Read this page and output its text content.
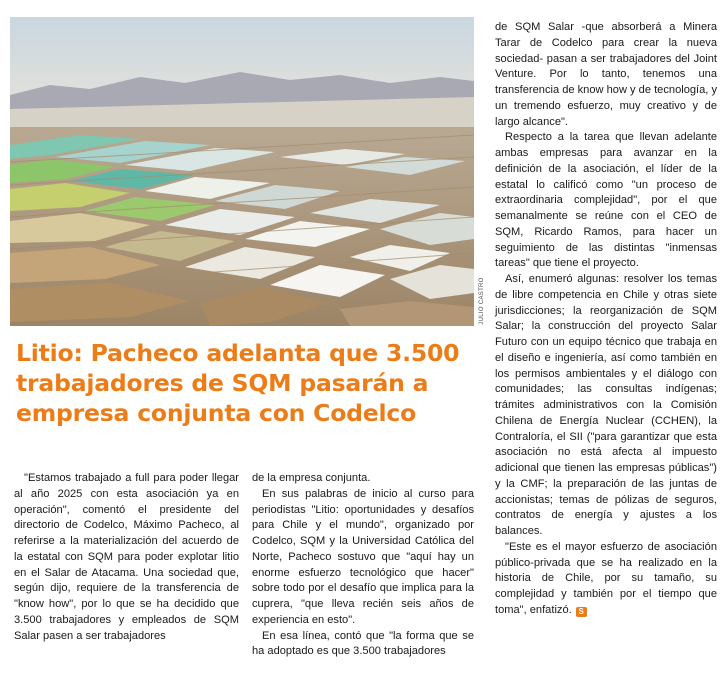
JULIO CASTRO
Litio: Pacheco adelanta que 3.500 trabajadores de SQM pasarán a empresa conjunta con Codelco

"Estamos trabajado a full para poder llegar al año 2025 con esta asociación ya en operación", comentó el presidente del directorio de Codelco, Máximo Pacheco, al referirse a la materialización del acuerdo de la estatal con SQM para poder explotar litio en el Salar de Atacama. Una sociedad que, según dijo, requiere de la transferencia de "know how", por lo que se ha decidido que 3.500 trabajadores y empleados de SQM Salar pasen a ser trabajadores

de la empresa conjunta.

En sus palabras de inicio al curso para periodistas "Litio: oportunidades y desafíos para Chile y el mundo", organizado por Codelco, SQM y la Universidad Católica del Norte, Pacheco sostuvo que "aquí hay un enorme esfuerzo tecnológico que hacer" sobre todo por el desafío que implica para la cuprera, "que lleva recién seis años de experiencia en esto".

En esa línea, contó que "la forma que se ha adoptado es que 3.500 trabajadores

de SQM Salar -que absorberá a Minera Tarar de Codelco para crear la nueva sociedad- pasan a ser trabajadores del Joint Venture. Por lo tanto, tenemos una transferencia de know how y de tecnología, y un tremendo esfuerzo, muy creativo y de largo alcance".

Respecto a la tarea que llevan adelante ambas empresas para avanzar en la definición de la asociación, el líder de la estatal lo calificó como "un proceso de extraordinaria complejidad", por el que semanalmente se reúne con el CEO de SQM, Ricardo Ramos, para hacer un seguimiento de las distintas "inmensas tareas" que tiene el proyecto.

Así, enumeró algunas: resolver los temas de libre competencia en Chile y otras siete jurisdicciones; la reorganización de SQM Salar; la construcción del proyecto Salar Futuro con un equipo técnico que trabaja en el diseño e ingeniería, así como también en los permisos ambientales y el diálogo con comunidades; las consultas indígenas; trámites administrativos con la Comisión Chilena de Energía Nuclear (CCHEN), la Contraloría, el SII ("para garantizar que esta asociación no está afecta al impuesto adicional que tienen las empresas públicas") y la CMF; la preparación de las juntas de accionistas; temas de pólizas de seguros, contratos de energía y ajustes a los balances.

"Este es el mayor esfuerzo de asociación público-privada que se ha realizado en la historia de Chile, por su tamaño, su complejidad y también por el tiempo que toma", enfatizó. S
